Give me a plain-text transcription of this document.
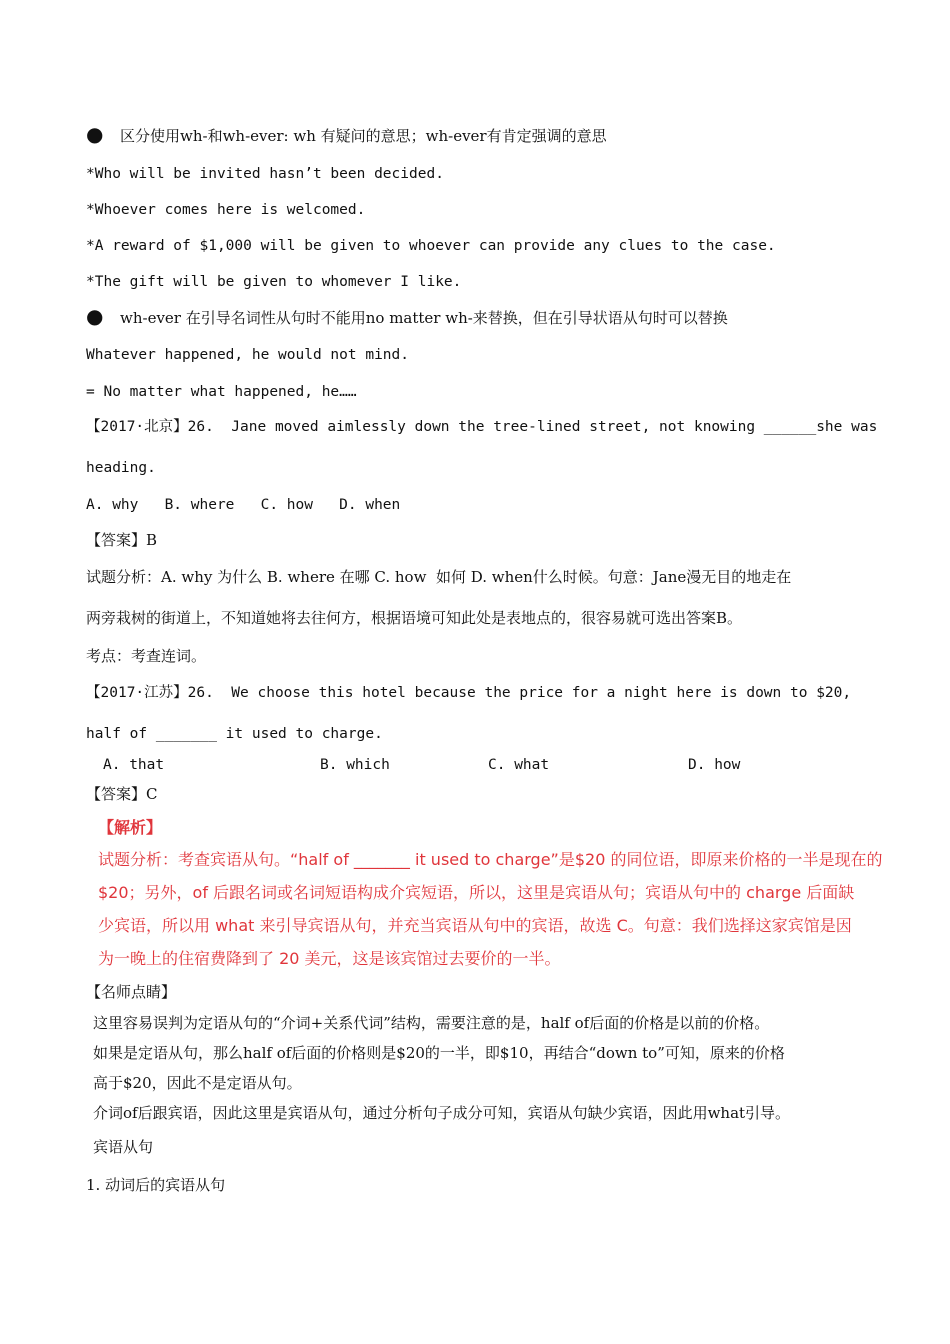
● 区分使用wh-和wh-ever: wh 有疑问的意思；wh-ever有肯定强调的意思
*Who will be invited hasn’t been decided.
*Whoever comes here is welcomed.
*A reward of $1,000 will be given to whoever can provide any clues to the case.
*The gift will be given to whomever I like.
● wh-ever 在引导名词性从句时不能用no matter wh-来替换，但在引导状语从句时可以替换
Whatever happened, he would not mind.
= No matter what happened, he……
【2017·北京】26.  Jane moved aimlessly down the tree-lined street, not knowing ______she was
heading.
A. why   B. where   C. how   D. when
【答案】B
试题分析：A. why 为什么 B. where 在哪 C. how  如何 D. when什么时候。句意：Jane漫无目的地走在
两旁栽树的街道上，不知道她将去往何方，根据语境可知此处是表地点的，很容易就可选出答案B。
考点：考查连词。
【2017·江苏】26.  We choose this hotel because the price for a night here is down to $20,
half of _______ it used to charge.
A. that	B. which	C. what	D. how
【答案】C
【解析】
试题分析：考查宾语从句。“half of _______ it used to charge”是$20 的同位语，即原来价格的一半是现在的
$20；另外，of 后跟名词或名词短语构成介宾短语，所以，这里是宾语从句；宾语从句中的 charge 后面缺
少宾语，所以用 what 来引导宾语从句，并充当宾语从句中的宾语，故选 C。句意：我们选择这家宾馆是因
为一晚上的住宿费降到了 20 美元，这是该宾馆过去要价的一半。
【名师点睛】
这里容易误判为定语从句的“介词+关系代词”结构，需要注意的是，half of后面的价格是以前的价格。
如果是定语从句，那么half of后面的价格则是$20的一半，即$10，再结合“down to”可知，原来的价格
高于$20，因此不是定语从句。
介词of后跟宾语，因此这里是宾语从句，通过分析句子成分可知，宾语从句缺少宾语，因此用what引导。
宾语从句
1. 动词后的宾语从句
